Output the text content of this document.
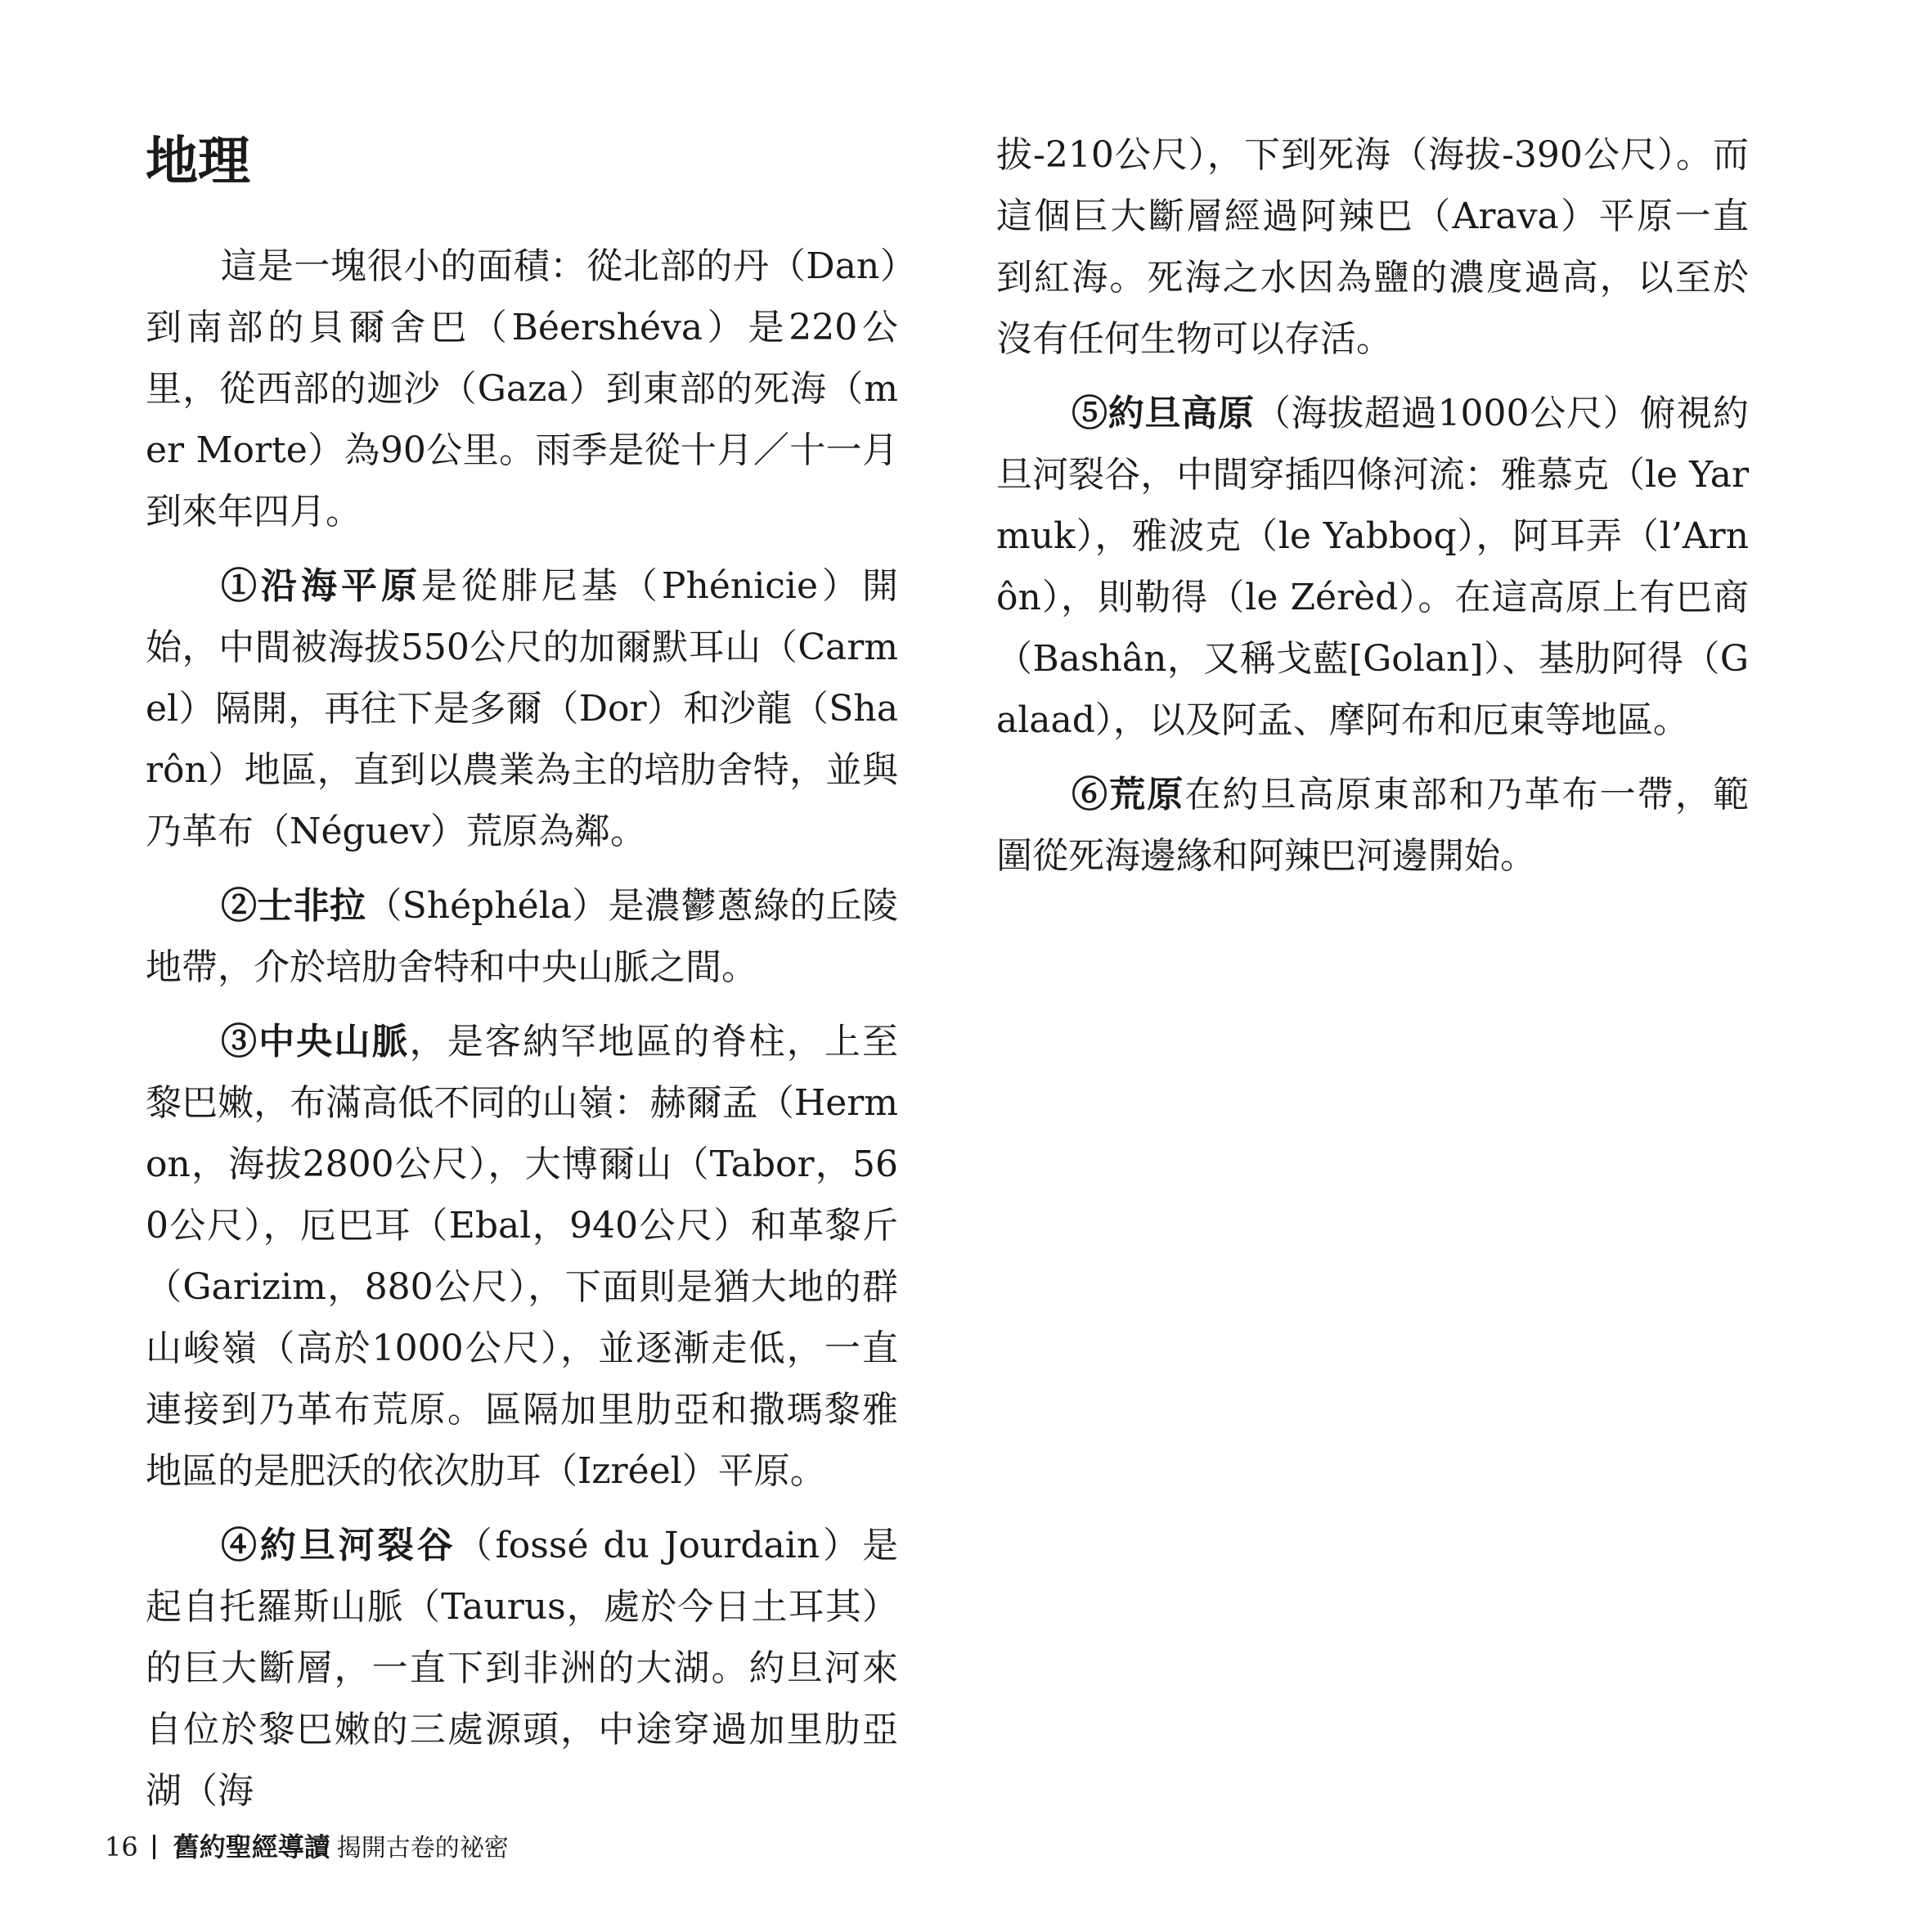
地理

這是一塊很小的面積：從北部的丹（Dan）到南部的貝爾舍巴（Béershéva）是220公里，從西部的迦沙（Gaza）到東部的死海（mer Morte）為90公里。雨季是從十月／十一月到來年四月。

①沿海平原是從腓尼基（Phénicie）開始，中間被海拔550公尺的加爾默耳山（Carmel）隔開，再往下是多爾（Dor）和沙龍（Sharôn）地區，直到以農業為主的培肋舍特，並與乃革布（Néguev）荒原為鄰。

②士非拉（Shéphéla）是濃鬱蔥綠的丘陵地帶，介於培肋舍特和中央山脈之間。

③中央山脈，是客納罕地區的脊柱，上至黎巴嫩，布滿高低不同的山嶺：赫爾孟（Hermon，海拔2800公尺），大博爾山（Tabor，560公尺），厄巴耳（Ebal，940公尺）和革黎斤（Garizim，880公尺），下面則是猶大地的群山峻嶺（高於1000公尺），並逐漸走低，一直連接到乃革布荒原。區隔加里肋亞和撒瑪黎雅地區的是肥沃的依次肋耳（Izréel）平原。

④約旦河裂谷（fossé du Jourdain）是起自托羅斯山脈（Taurus，處於今日土耳其）的巨大斷層，一直下到非洲的大湖。約旦河來自位於黎巴嫩的三處源頭，中途穿過加里肋亞湖（海

拔-210公尺），下到死海（海拔-390公尺）。而這個巨大斷層經過阿辣巴（Arava）平原一直到紅海。死海之水因為鹽的濃度過高，以至於沒有任何生物可以存活。

⑤約旦高原（海拔超過1000公尺）俯視約旦河裂谷，中間穿插四條河流：雅慕克（le Yarmuk），雅波克（le Yabboq），阿耳弄（l’Arnôn），則勒得（le Zérèd）。在這高原上有巴商（Bashân，又稱戈藍[Golan]）、基肋阿得（Galaad），以及阿孟、摩阿布和厄東等地區。

⑥荒原在約旦高原東部和乃革布一帶，範圍從死海邊緣和阿辣巴河邊開始。

16 舊約聖經導讀 揭開古卷的祕密
